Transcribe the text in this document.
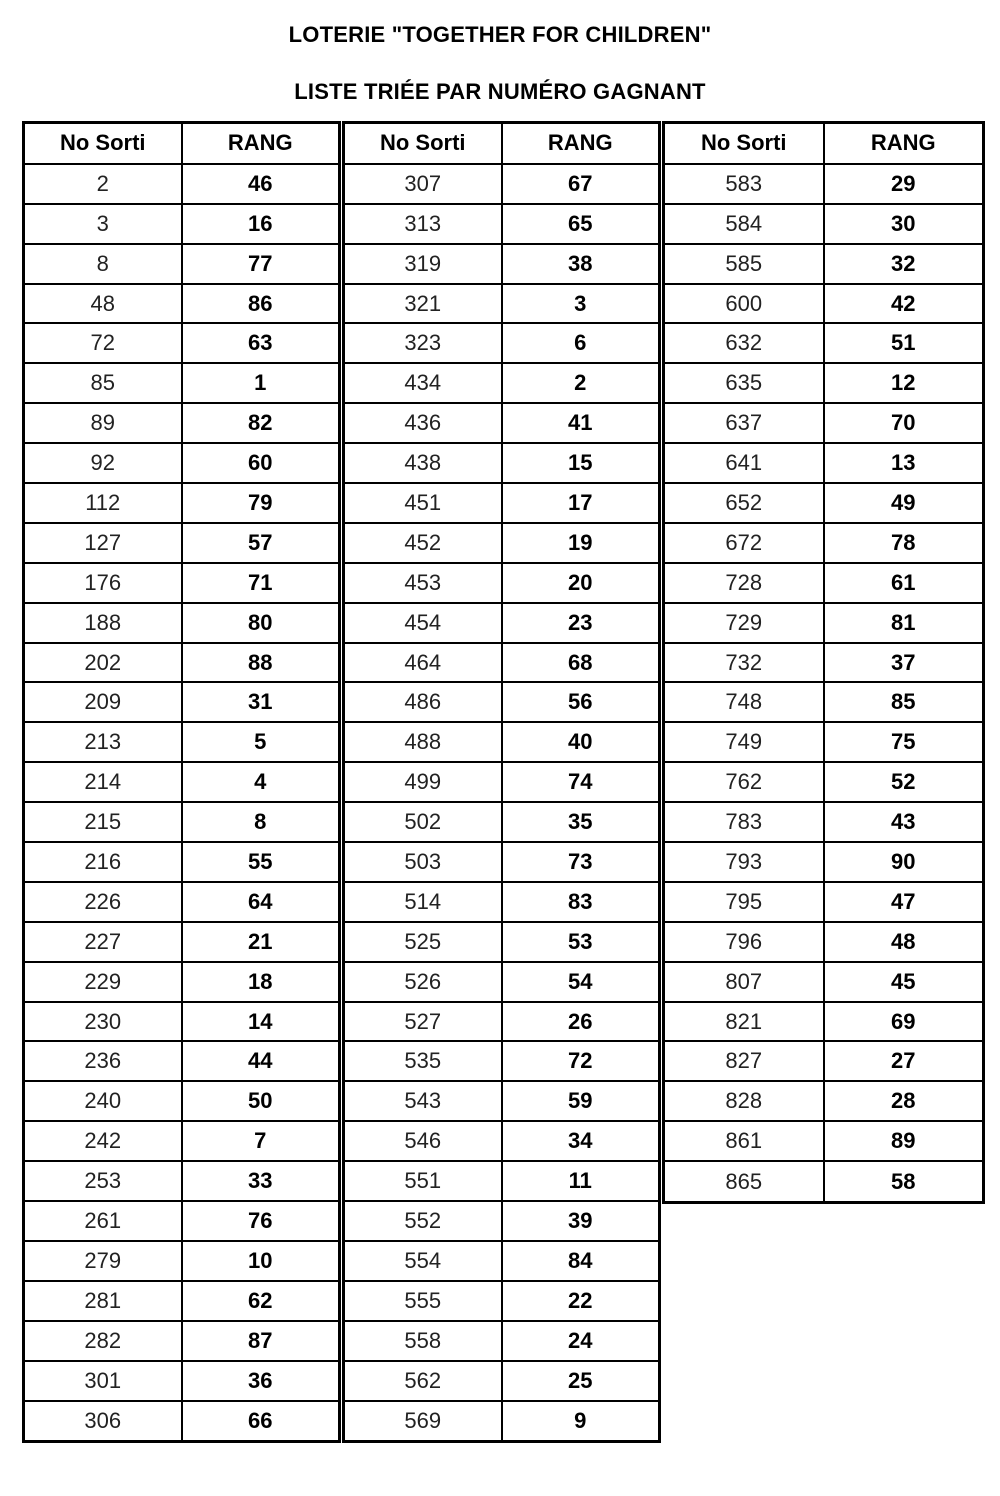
LOTERIE "TOGETHER FOR CHILDREN"
LISTE TRIÉE PAR NUMÉRO GAGNANT
No Sorti	RANG
2	46
3	16
8	77
48	86
72	63
85	1
89	82
92	60
112	79
127	57
176	71
188	80
202	88
209	31
213	5
214	4
215	8
216	55
226	64
227	21
229	18
230	14
236	44
240	50
242	7
253	33
261	76
279	10
281	62
282	87
301	36
306	66
No Sorti	RANG
307	67
313	65
319	38
321	3
323	6
434	2
436	41
438	15
451	17
452	19
453	20
454	23
464	68
486	56
488	40
499	74
502	35
503	73
514	83
525	53
526	54
527	26
535	72
543	59
546	34
551	11
552	39
554	84
555	22
558	24
562	25
569	9
No Sorti	RANG
583	29
584	30
585	32
600	42
632	51
635	12
637	70
641	13
652	49
672	78
728	61
729	81
732	37
748	85
749	75
762	52
783	43
793	90
795	47
796	48
807	45
821	69
827	27
828	28
861	89
865	58
